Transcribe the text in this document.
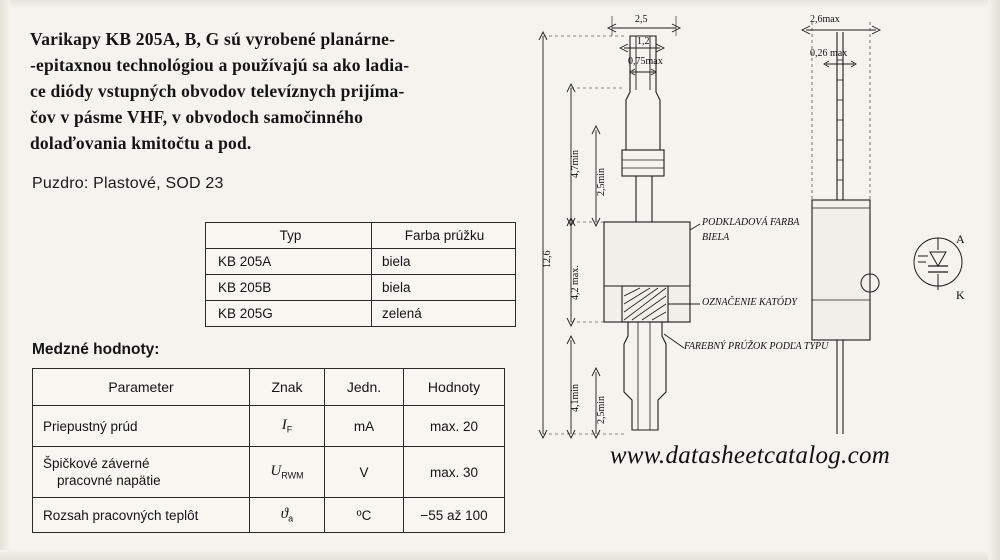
Varikapy KB 205A, B, G sú vyrobené planárne-
-epitaxnou technológiou a používajú sa ako ladia-
ce diódy vstupných obvodov televíznych prijíma-
čov v pásme VHF, v obvodoch samočinného
dolaďovania kmitočtu a pod.
Puzdro: Plastové, SOD 23
Typ	Farba prúžku
KB 205A	biela
KB 205B	biela
KB 205G	zelená
Medzné hodnoty:
Parameter	Znak	Jedn.	Hodnoty
Priepustný prúd	$I_F$	mA	max. 20

Špičkové záverné
pracovné napätie	$U_{RWM}$	V	max. 30
Rozsah pracovných teplôt	$ϑ_a$	ºC	−55 až 100
2,5
1,2
0,75max
2,6max
0,26 max
12,6
4,7min
4,2 max.
4,1min
2,5min
2,5min
PODKLADOVÁ FARBA
BIELA
OZNAČENIE KATÓDY
FAREBNÝ PRÚŽOK PODĽA TYPU
A
K
www.datasheetcatalog.com
